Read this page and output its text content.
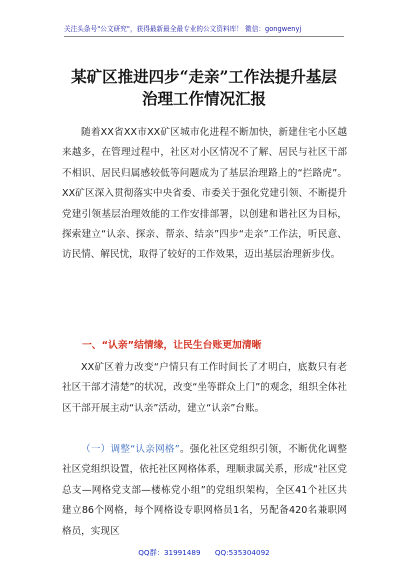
关注头条号"公文研究"，获得最新最全最专业的公文资料库！ 微信：gongwenyj
某矿区推进四步“走亲”工作法提升基层
治理工作情况汇报
随着XX省XX市XX矿区城市化进程不断加快，新建住宅小区越来越多，在管理过程中，社区对小区情况不了解、居民与社区干部不相识、居民归属感较低等问题成为了基层治理路上的“拦路虎”。XX矿区深入贯彻落实中央省委、市委关于强化党建引领、不断提升党建引领基层治理效能的工作安排部署，以创建和谐社区为目标，探索建立“认亲、探亲、帮亲、结亲”四步“走亲”工作法，听民意、访民情、解民忧，取得了较好的工作效果，迈出基层治理新步伐。
一、“认亲”结情缘，让民生台账更加清晰
XX矿区着力改变“户情只有工作时间长了才明白，底数只有老社区干部才清楚”的状况，改变“坐等群众上门”的观念，组织全体社区干部开展主动“认亲”活动，建立“认亲”台账。
（一）调整“认亲网格”。强化社区党组织引领，不断优化调整社区党组织设置，依托社区网格体系，理顺隶属关系，形成“社区党总支—网格党支部—楼栋党小组”的党组织架构，全区41个社区共建立86个网格，每个网格设专职网格员1名，另配备420名兼职网格员，实现区
QQ群：31991489 QQ:535304092
